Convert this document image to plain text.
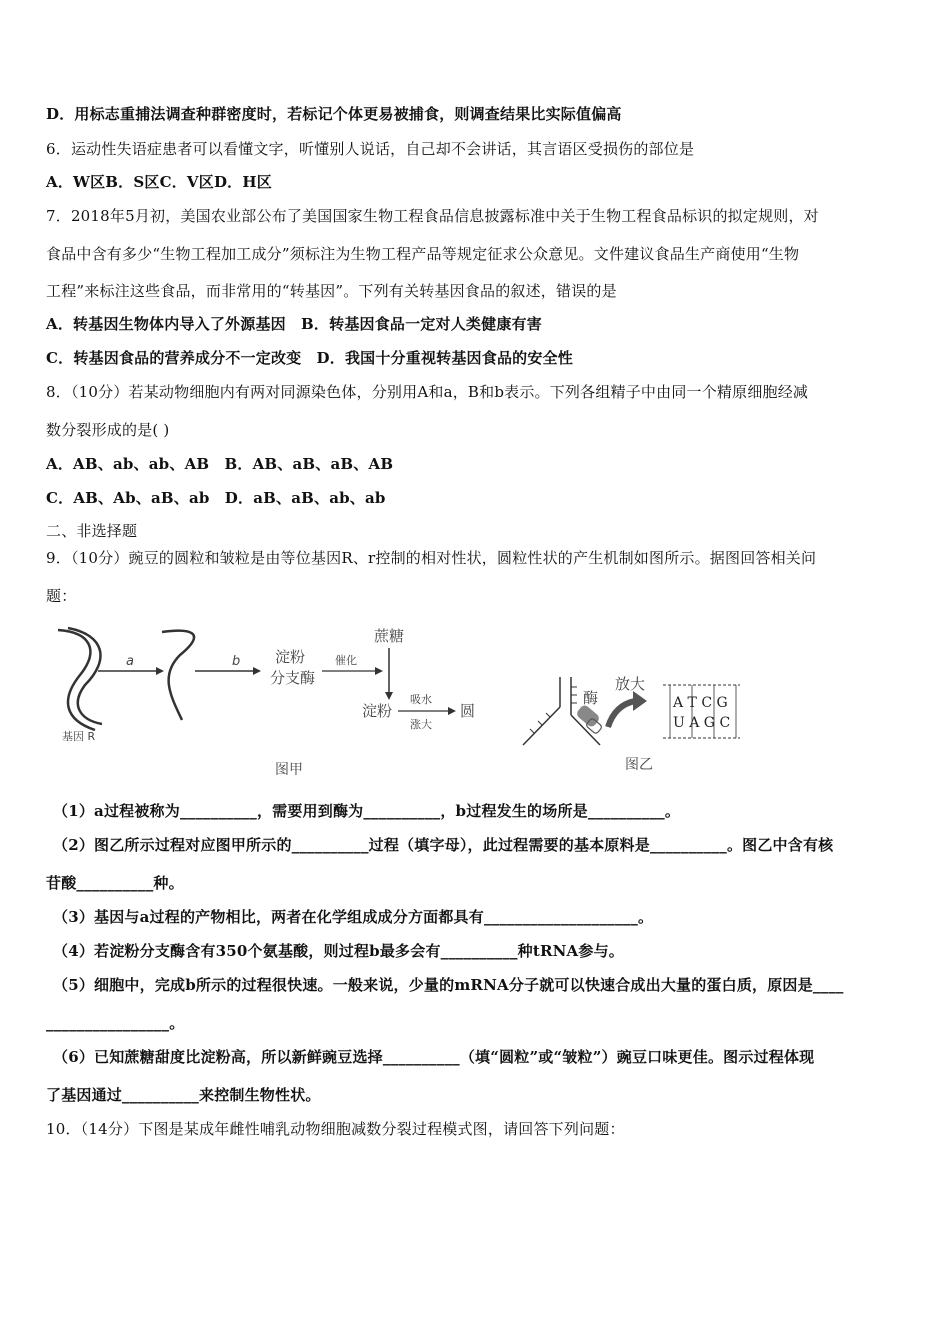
D．用标志重捕法调查种群密度时，若标记个体更易被捕食，则调查结果比实际值偏高
6．运动性失语症患者可以看懂文字，听懂别人说话，自己却不会讲话，其言语区受损伤的部位是
A．W区B．S区C．V区D．H区
7．2018年5月初，美国农业部公布了美国国家生物工程食品信息披露标准中关于生物工程食品标识的拟定规则，对
食品中含有多少“生物工程加工成分”须标注为生物工程产品等规定征求公众意见。文件建议食品生产商使用“生物
工程”来标注这些食品，而非常用的“转基因”。下列有关转基因食品的叙述，错误的是
A．转基因生物体内导入了外源基因　B．转基因食品一定对人类健康有害
C．转基因食品的营养成分不一定改变　D．我国十分重视转基因食品的安全性
8．（10分）若某动物细胞内有两对同源染色体，分别用A和a，B和b表示。下列各组精子中由同一个精原细胞经减
数分裂形成的是( )
A．AB、ab、ab、AB　B．AB、aB、aB、AB
C．AB、Ab、aB、ab　D．aB、aB、ab、ab
二、非选择题
9．（10分）豌豆的圆粒和皱粒是由等位基因R、r控制的相对性状，圆粒性状的产生机制如图所示。据图回答相关问
题：
基因 R
a	b 淀粉
分支酶
催化
蔗糖
淀粉
吸水
涨大
圆
图甲
酶
放大
A T C G
U A G C
图乙
（1）a过程被称为__________，需要用到酶为__________，b过程发生的场所是__________。
（2）图乙所示过程对应图甲所示的__________过程（填字母），此过程需要的基本原料是__________。图乙中含有核
苷酸__________种。
（3）基因与a过程的产物相比，两者在化学组成成分方面都具有____________________。
（4）若淀粉分支酶含有350个氨基酸，则过程b最多会有__________种tRNA参与。
（5）细胞中，完成b所示的过程很快速。一般来说，少量的mRNA分子就可以快速合成出大量的蛋白质，原因是____
________________。
（6）已知蔗糖甜度比淀粉高，所以新鲜豌豆选择__________（填“圆粒”或“皱粒”）豌豆口味更佳。图示过程体现
了基因通过__________来控制生物性状。
10．（14分）下图是某成年雌性哺乳动物细胞减数分裂过程模式图，请回答下列问题：
